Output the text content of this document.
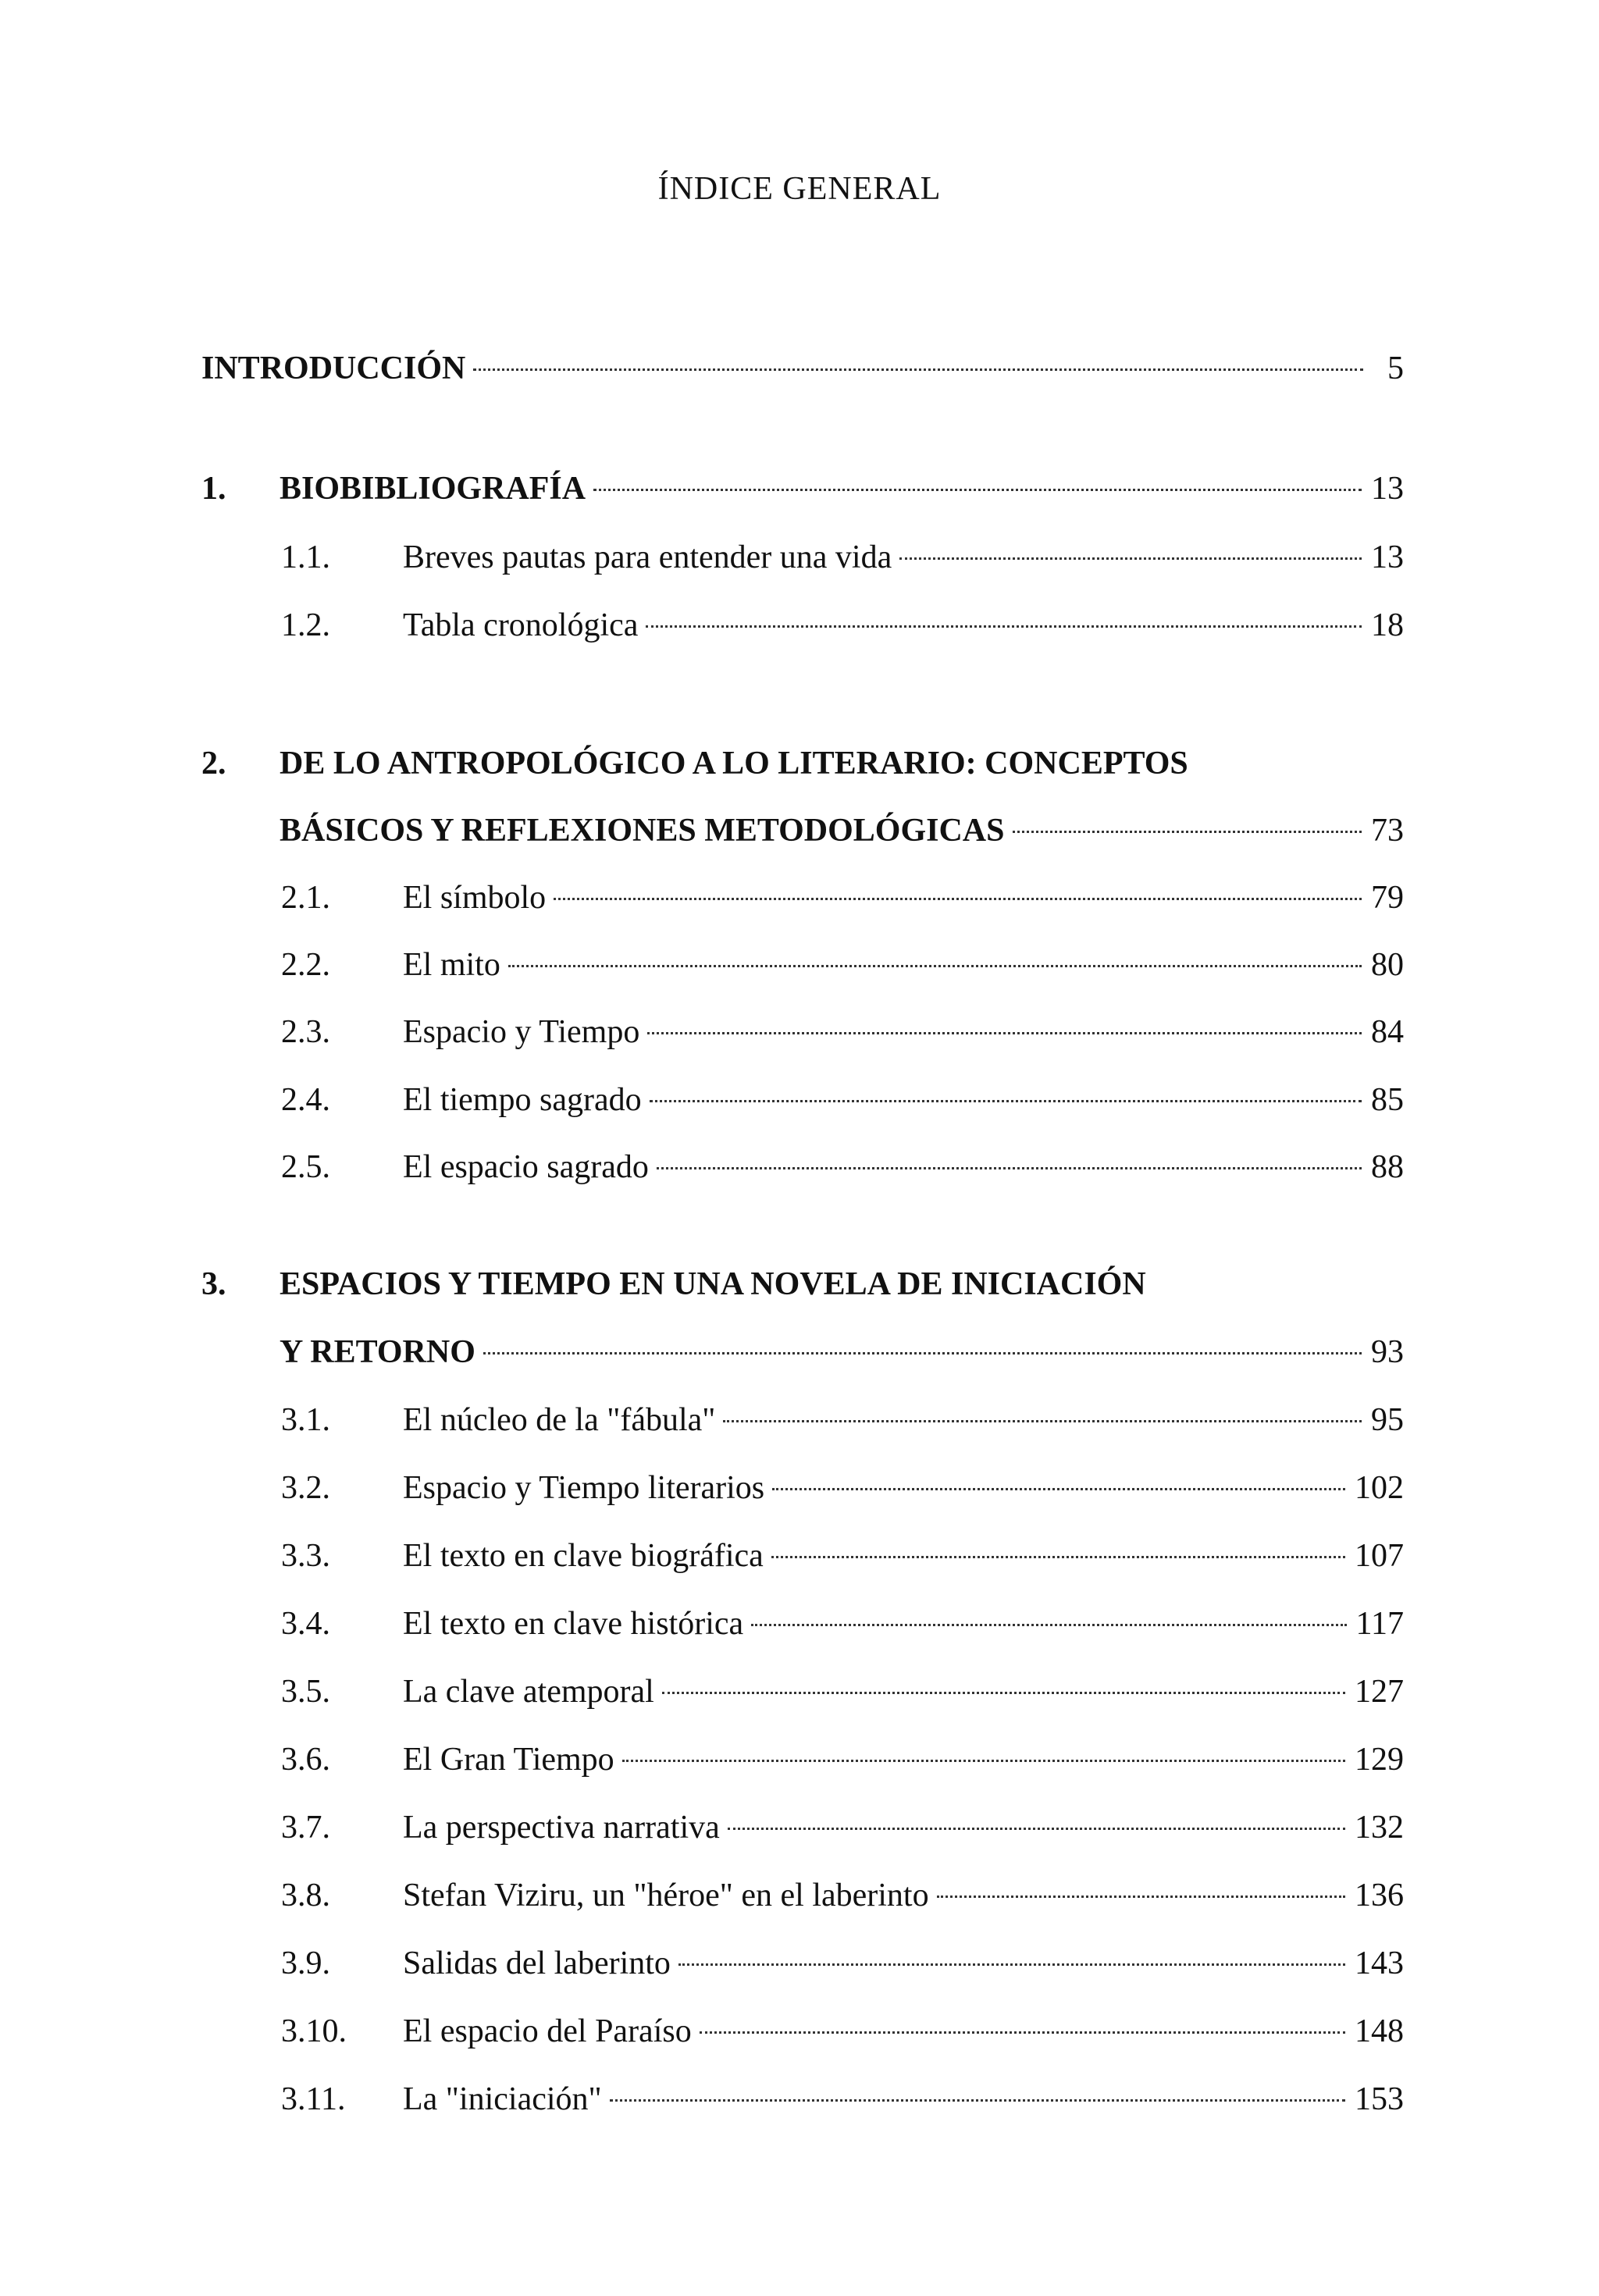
ÍNDICE GENERAL
INTRODUCCIÓN	5
1. BIOBIBLIOGRAFÍA	13
1.1. Breves pautas para entender una vida	13
1.2. Tabla cronológica	18
2. DE LO ANTROPOLÓGICO A LO LITERARIO: CONCEPTOS
BÁSICOS Y REFLEXIONES METODOLÓGICAS	73
2.1. El símbolo	79
2.2. El mito	80
2.3. Espacio y Tiempo	84
2.4. El tiempo sagrado	85
2.5. El espacio sagrado	88
3. ESPACIOS Y TIEMPO EN UNA NOVELA DE INICIACIÓN
Y RETORNO	93
3.1. El núcleo de la "fábula"	95
3.2. Espacio y Tiempo literarios	102
3.3. El texto en clave biográfica	107
3.4. El texto en clave histórica	117
3.5. La clave atemporal	127
3.6. El Gran Tiempo	129
3.7. La perspectiva narrativa	132
3.8. Stefan Viziru, un "héroe" en el laberinto	136
3.9. Salidas del laberinto	143
3.10. El espacio del Paraíso	148
3.11. La "iniciación"	153
